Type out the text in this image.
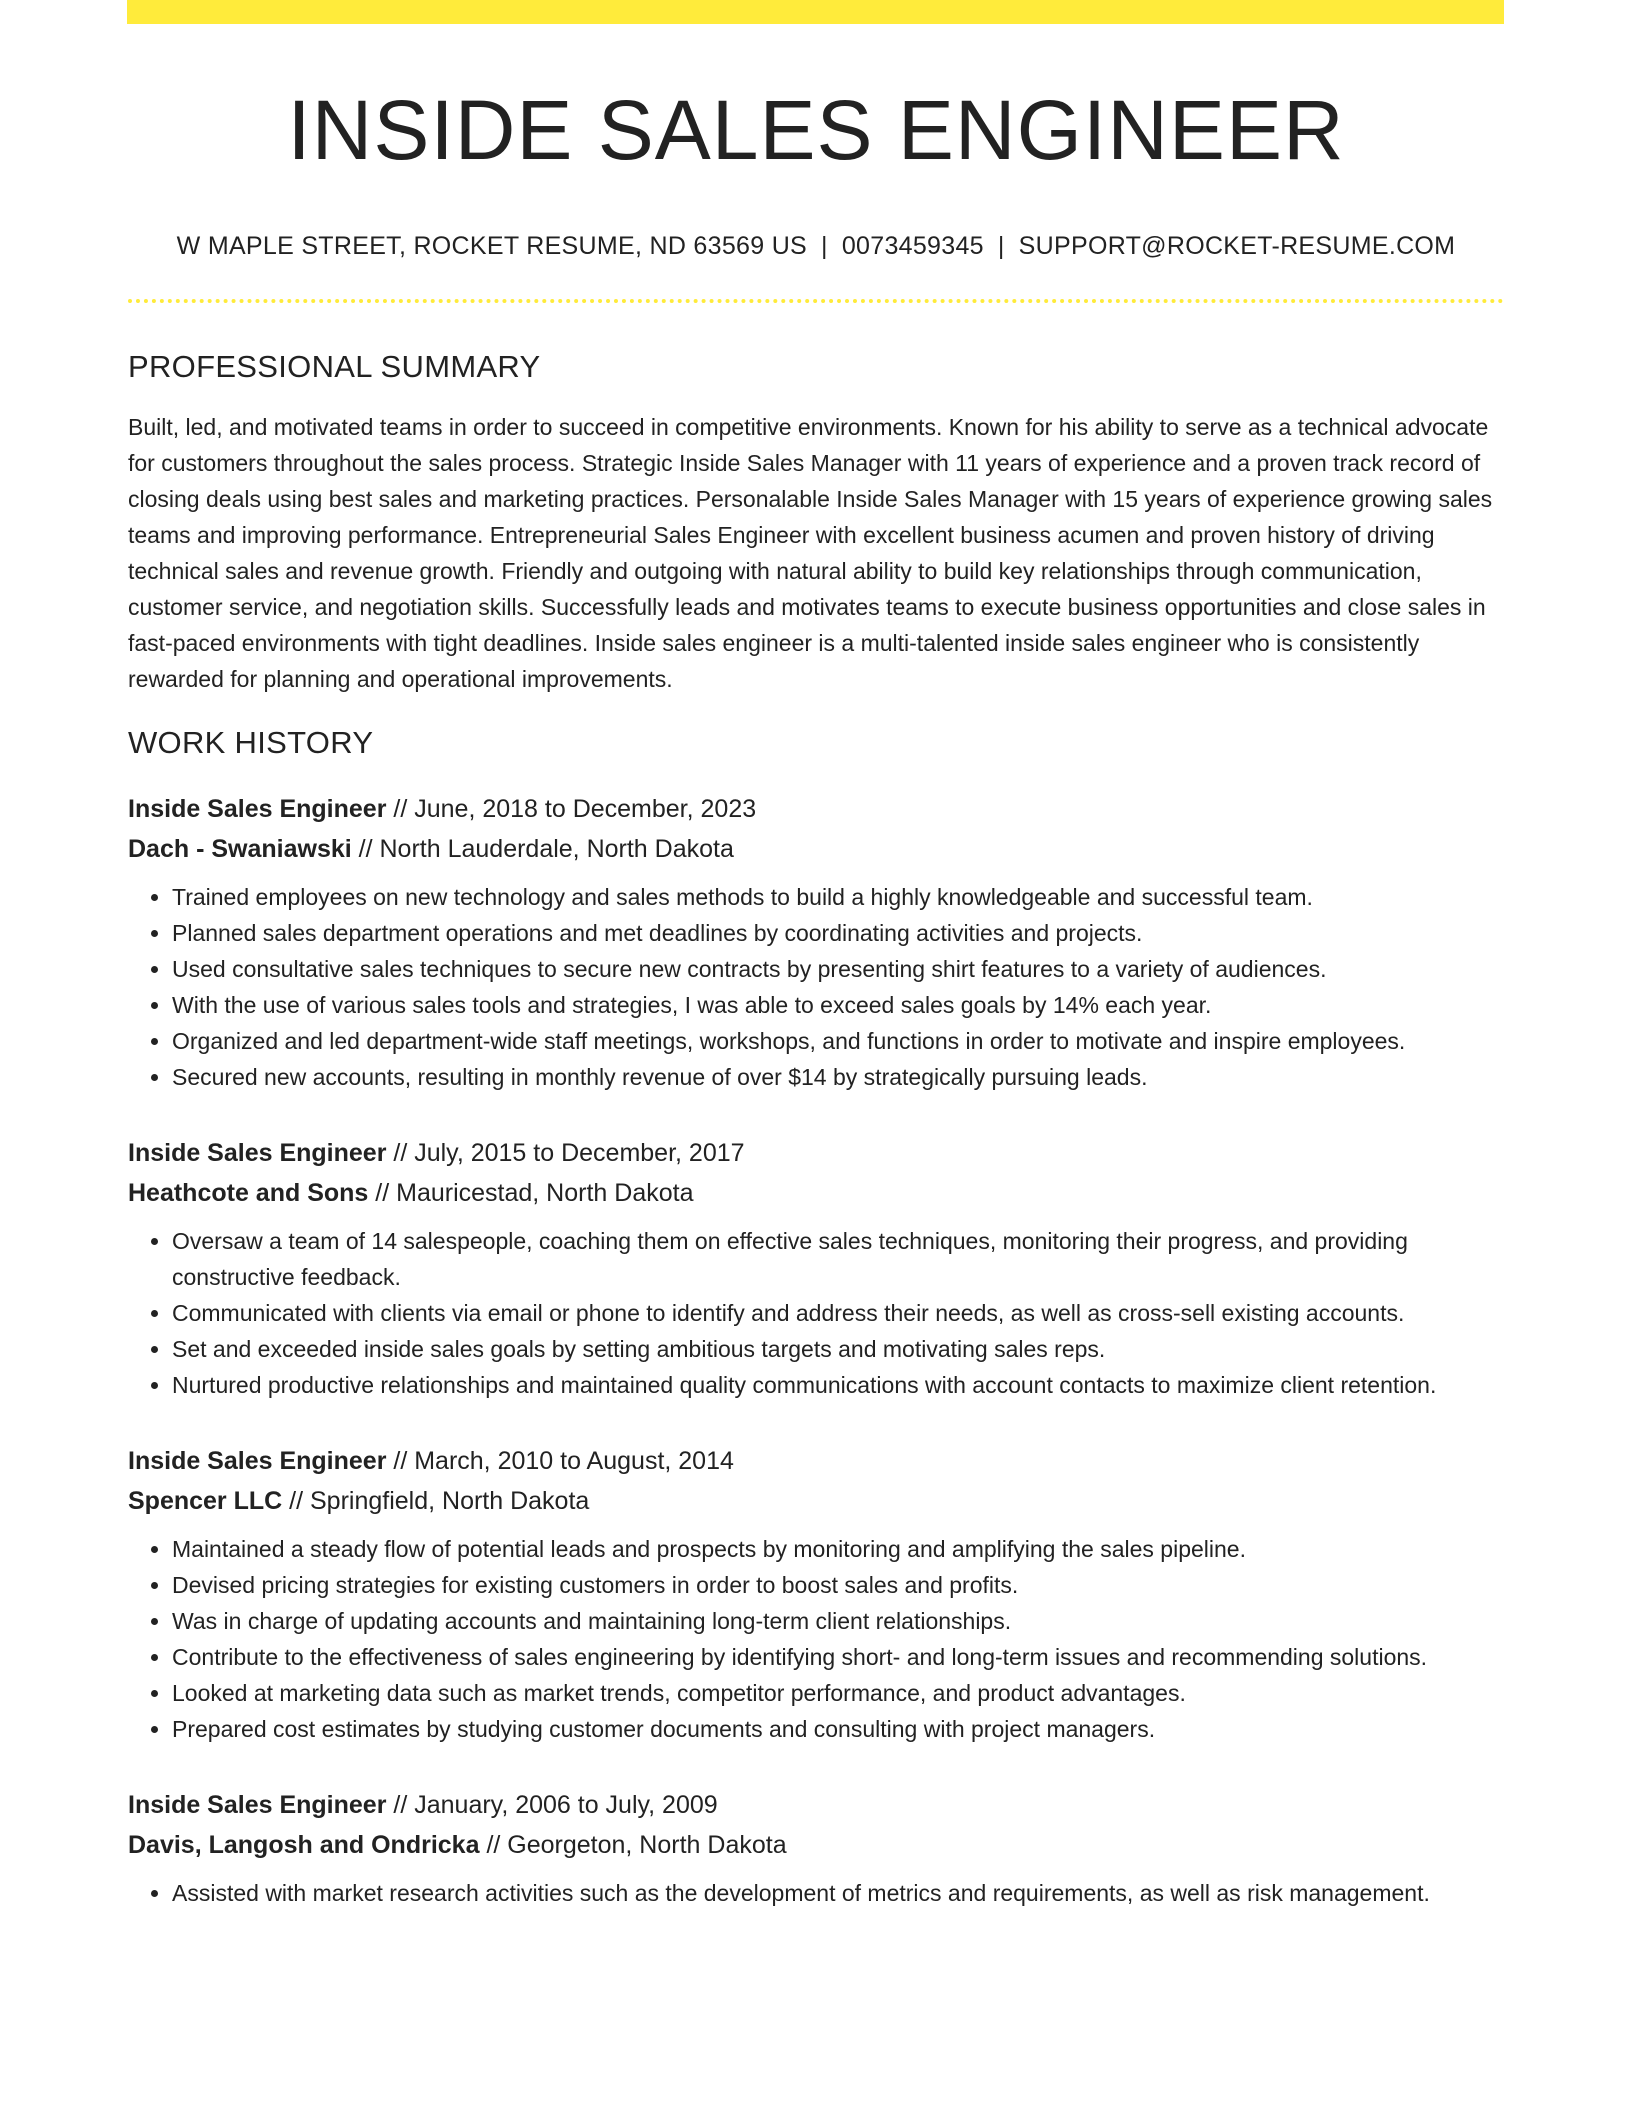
INSIDE SALES ENGINEER
W MAPLE STREET, ROCKET RESUME, ND 63569 US | 0073459345 | SUPPORT@ROCKET-RESUME.COM
PROFESSIONAL SUMMARY

Built, led, and motivated teams in order to succeed in competitive environments. Known for his ability to serve as a technical advocate for customers throughout the sales process. Strategic Inside Sales Manager with 11 years of experience and a proven track record of closing deals using best sales and marketing practices. Personalable Inside Sales Manager with 15 years of experience growing sales teams and improving performance. Entrepreneurial Sales Engineer with excellent business acumen and proven history of driving technical sales and revenue growth. Friendly and outgoing with natural ability to build key relationships through communication, customer service, and negotiation skills. Successfully leads and motivates teams to execute business opportunities and close sales in fast-paced environments with tight deadlines. Inside sales engineer is a multi-talented inside sales engineer who is consistently rewarded for planning and operational improvements.

WORK HISTORY
Inside Sales Engineer // June, 2018 to December, 2023
Dach - Swaniawski // North Lauderdale, North Dakota
• Trained employees on new technology and sales methods to build a highly knowledgeable and successful team.
• Planned sales department operations and met deadlines by coordinating activities and projects.
• Used consultative sales techniques to secure new contracts by presenting shirt features to a variety of audiences.
• With the use of various sales tools and strategies, I was able to exceed sales goals by 14% each year.
• Organized and led department-wide staff meetings, workshops, and functions in order to motivate and inspire employees.
• Secured new accounts, resulting in monthly revenue of over $14 by strategically pursuing leads.
Inside Sales Engineer // July, 2015 to December, 2017
Heathcote and Sons // Mauricestad, North Dakota
• Oversaw a team of 14 salespeople, coaching them on effective sales techniques, monitoring their progress, and providing constructive feedback.
• Communicated with clients via email or phone to identify and address their needs, as well as cross-sell existing accounts.
• Set and exceeded inside sales goals by setting ambitious targets and motivating sales reps.
• Nurtured productive relationships and maintained quality communications with account contacts to maximize client retention.
Inside Sales Engineer // March, 2010 to August, 2014
Spencer LLC // Springfield, North Dakota
• Maintained a steady flow of potential leads and prospects by monitoring and amplifying the sales pipeline.
• Devised pricing strategies for existing customers in order to boost sales and profits.
• Was in charge of updating accounts and maintaining long-term client relationships.
• Contribute to the effectiveness of sales engineering by identifying short- and long-term issues and recommending solutions.
• Looked at marketing data such as market trends, competitor performance, and product advantages.
• Prepared cost estimates by studying customer documents and consulting with project managers.
Inside Sales Engineer // January, 2006 to July, 2009
Davis, Langosh and Ondricka // Georgeton, North Dakota
• Assisted with market research activities such as the development of metrics and requirements, as well as risk management.
